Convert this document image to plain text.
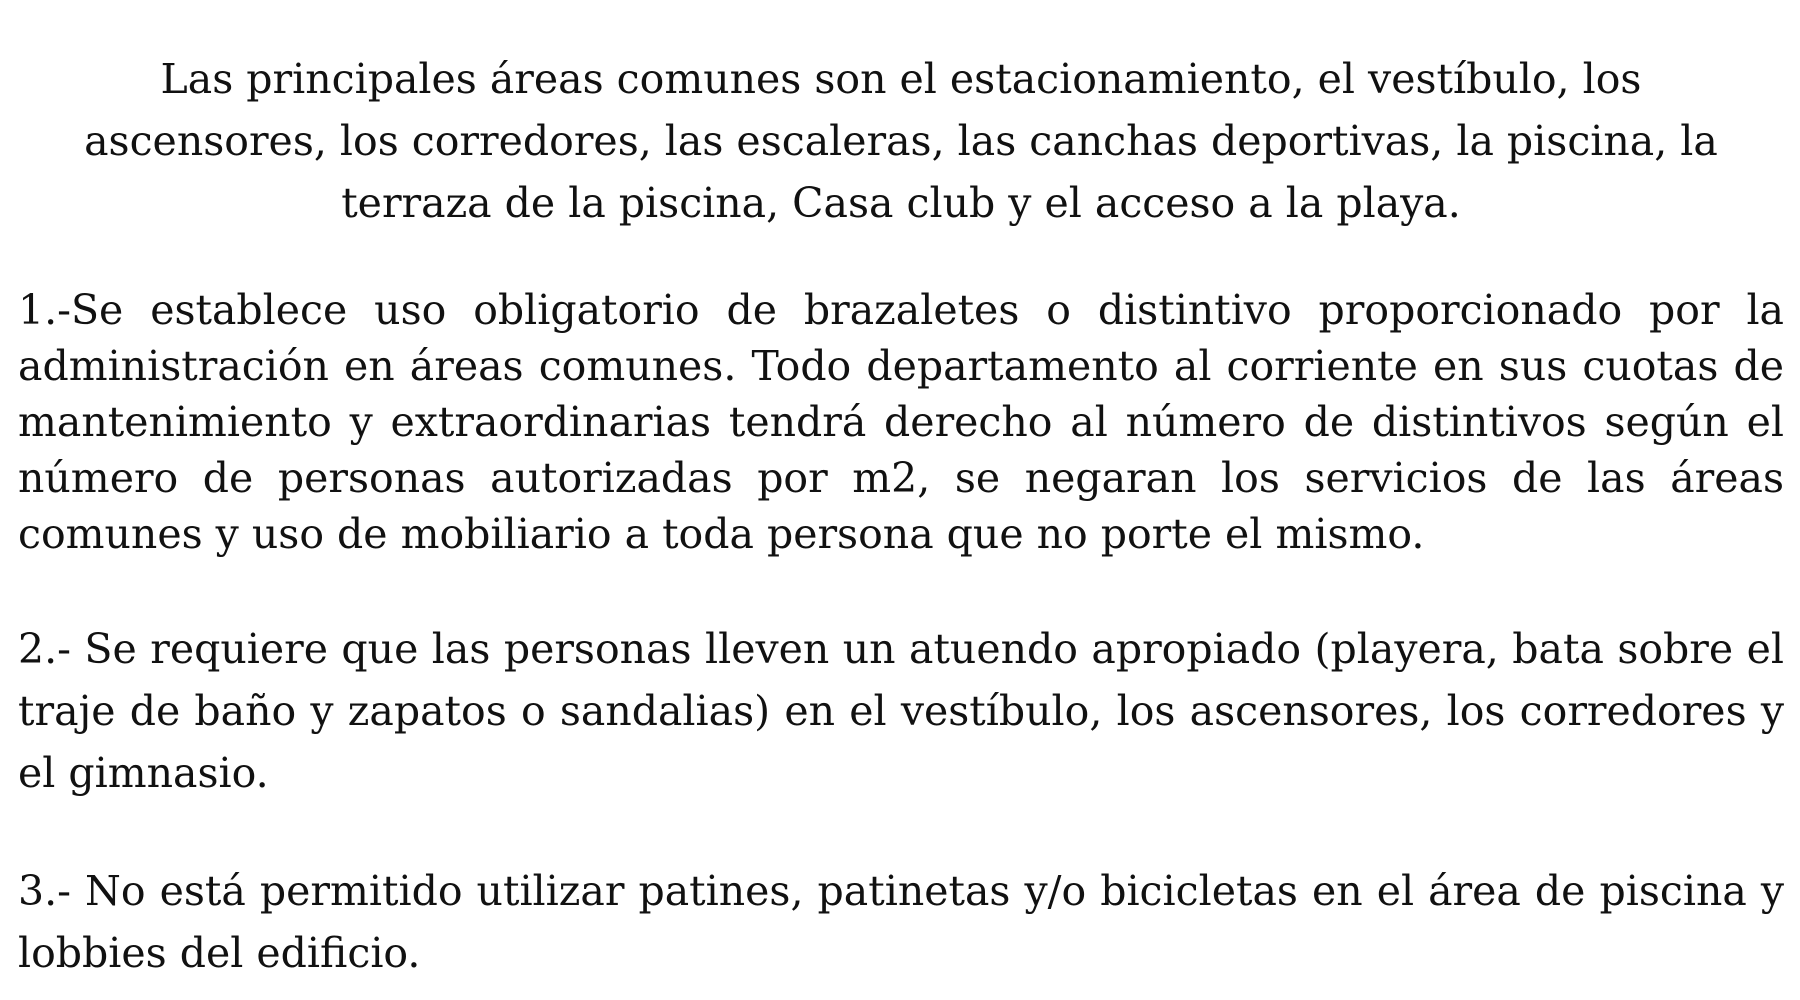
Las principales áreas comunes son el estacionamiento, el vestíbulo, los ascensores, los corredores, las escaleras, las canchas deportivas, la piscina, la terraza de la piscina, Casa club y el acceso a la playa.

1.-Se establece uso obligatorio de brazaletes o distintivo proporcionado por la administración en áreas comunes. Todo departamento al corriente en sus cuotas de mantenimiento y extraordinarias tendrá derecho al número de distintivos según el número de personas autorizadas por m2, se negaran los servicios de las áreas comunes y uso de mobiliario a toda persona que no porte el mismo.

2.- Se requiere que las personas lleven un atuendo apropiado (playera, bata sobre el traje de baño y zapatos o sandalias) en el vestíbulo, los ascensores, los corredores y el gimnasio.

3.- No está permitido utilizar patines, patinetas y/o bicicletas en el área de piscina y lobbies del edificio.
